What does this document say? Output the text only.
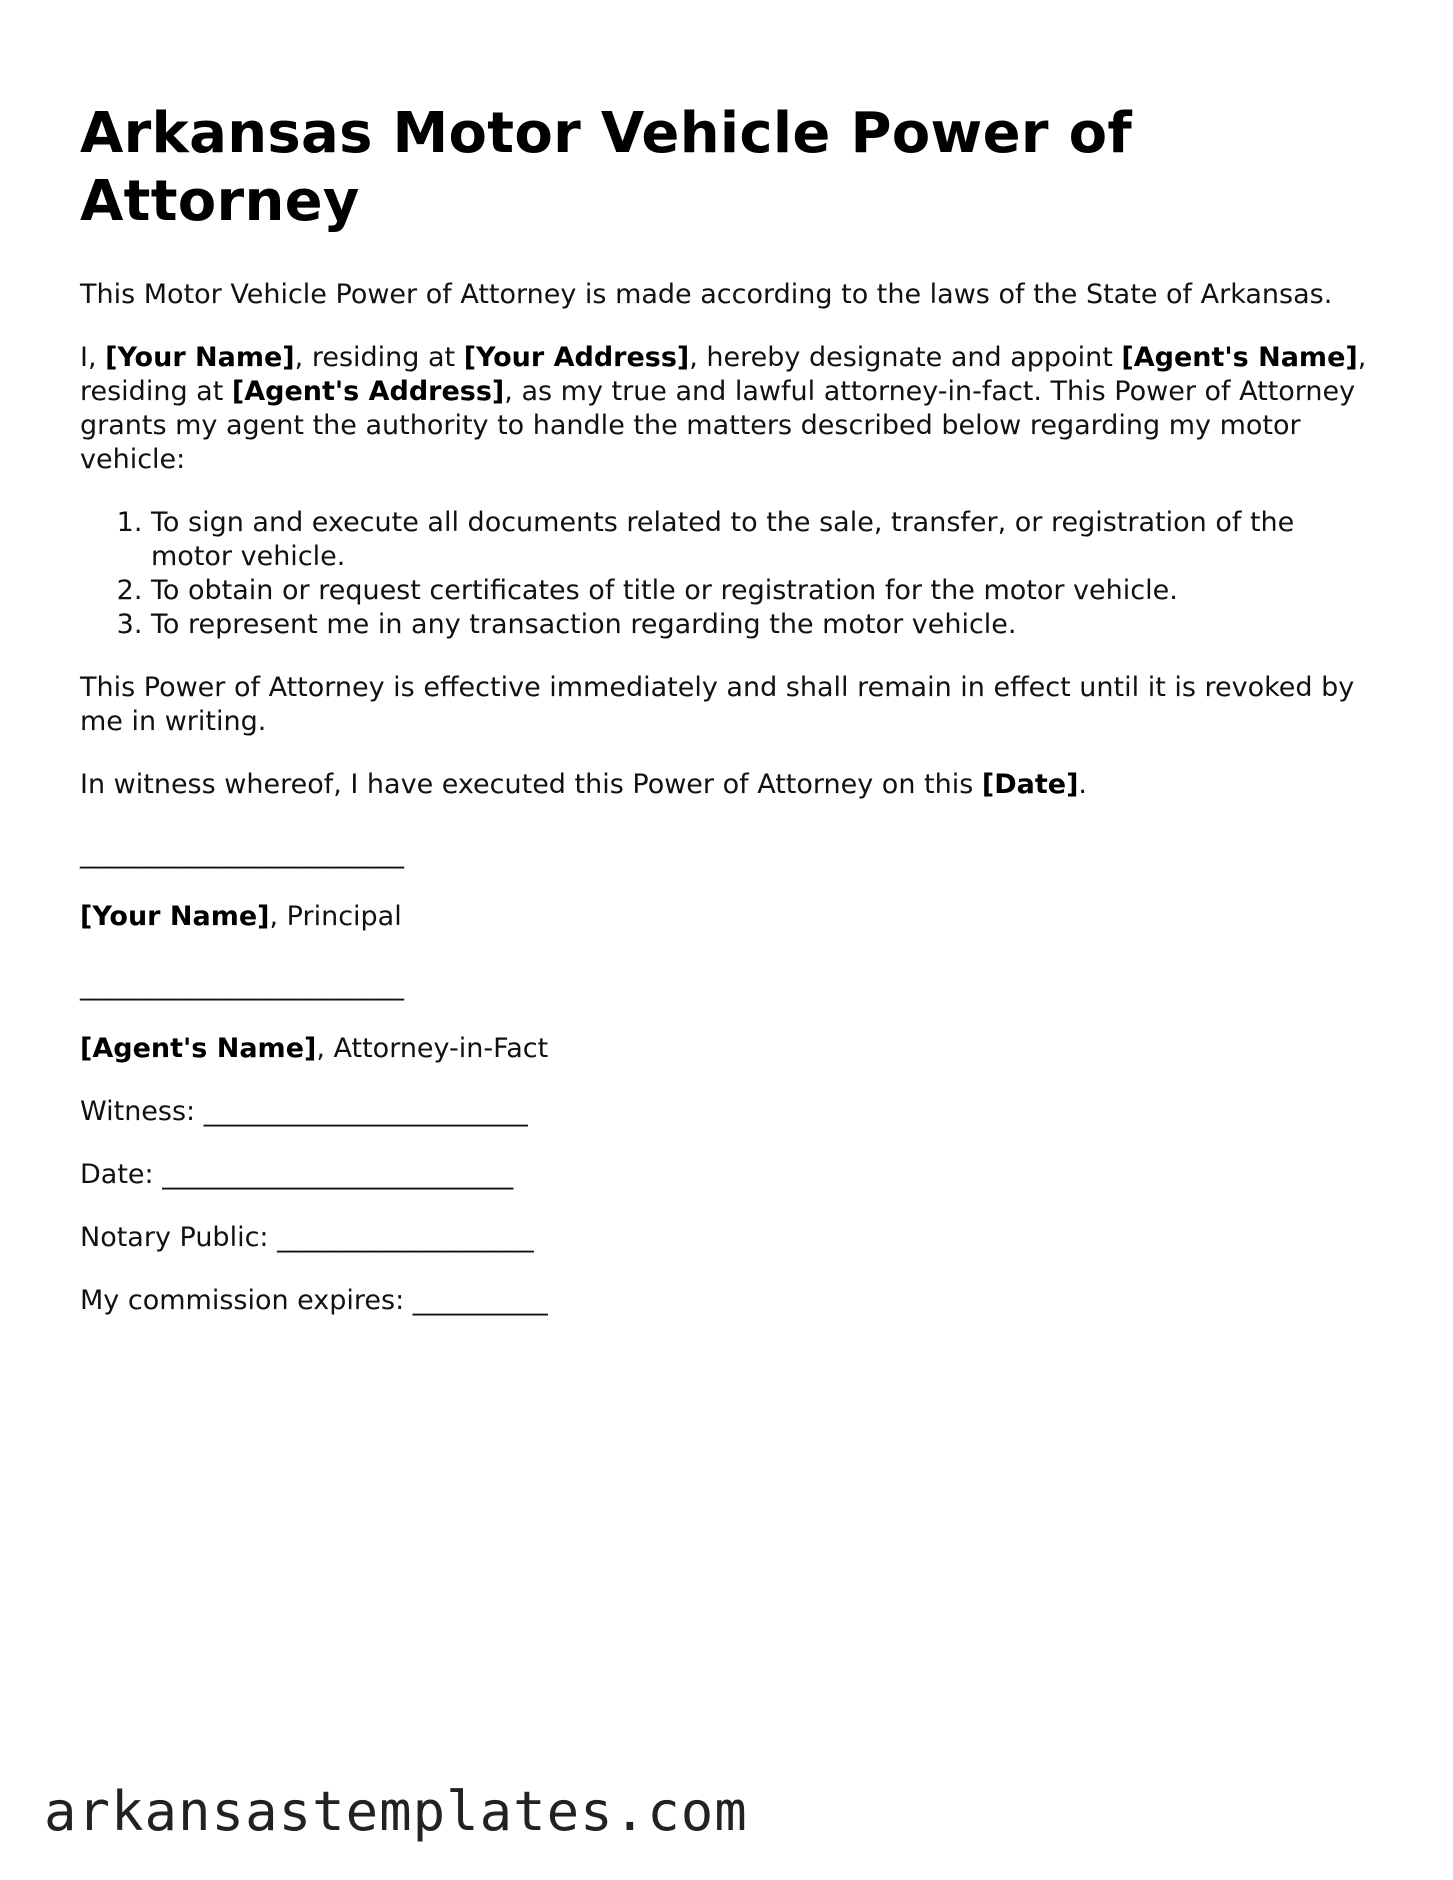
Arkansas Motor Vehicle Power of Attorney

This Motor Vehicle Power of Attorney is made according to the laws of the State of Arkansas.

I, [Your Name], residing at [Your Address], hereby designate and appoint [Agent's Name], residing at [Agent's Address], as my true and lawful attorney-in-fact. This Power of Attorney grants my agent the authority to handle the matters described below regarding my motor vehicle:

1. To sign and execute all documents related to the sale, transfer, or registration of the motor vehicle.
2. To obtain or request certificates of title or registration for the motor vehicle.
3. To represent me in any transaction regarding the motor vehicle.

This Power of Attorney is effective immediately and shall remain in effect until it is revoked by me in writing.

In witness whereof, I have executed this Power of Attorney on this [Date].

________________________

[Your Name], Principal

________________________

[Agent's Name], Attorney-in-Fact

Witness: ________________________

Date: __________________________

Notary Public: ___________________

My commission expires: __________

arkansastemplates.com
